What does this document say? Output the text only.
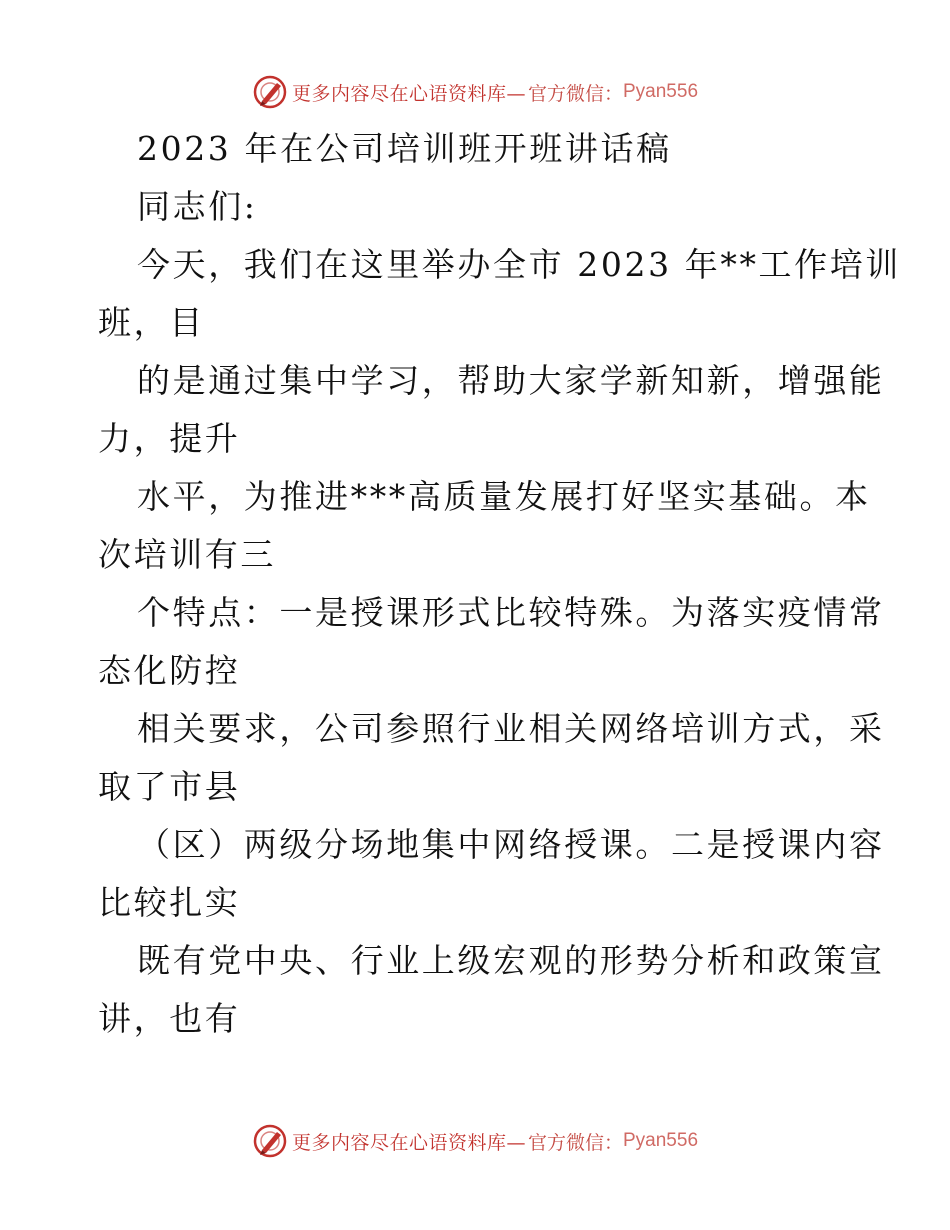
更多内容尽在心语资料库— 官方微信： Pyan556
2023 年在公司培训班开班讲话稿
同志们:
今天，我们在这里举办全市 2023 年**工作培训
班，目
的是通过集中学习，帮助大家学新知新，增强能
力，提升
水平，为推进***高质量发展打好坚实基础。本
次培训有三
个特点：一是授课形式比较特殊。为落实疫情常
态化防控
相关要求，公司参照行业相关网络培训方式，采
取了市县
（区）两级分场地集中网络授课。二是授课内容
比较扎实
既有党中央、行业上级宏观的形势分析和政策宣
讲，也有
更多内容尽在心语资料库— 官方微信： Pyan556
